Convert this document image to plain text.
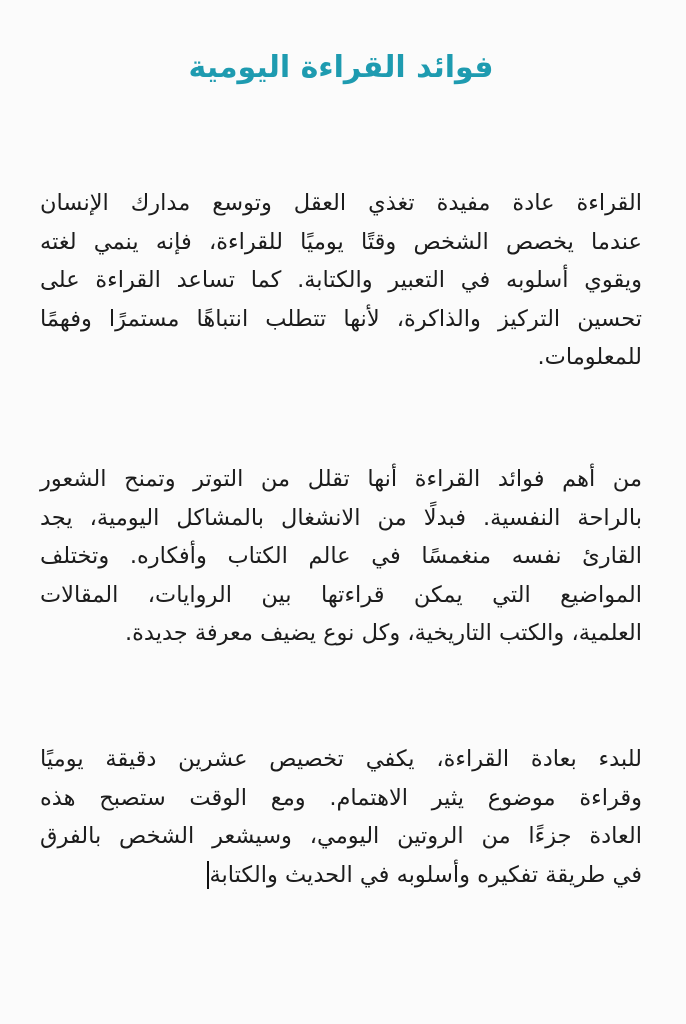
فوائد القراءة اليومية
القراءة عادة مفيدة تغذي العقل وتوسع مدارك الإنسان
عندما يخصص الشخص وقتًا يوميًا للقراءة، فإنه ينمي لغته
ويقوي أسلوبه في التعبير والكتابة. كما تساعد القراءة على
تحسين التركيز والذاكرة، لأنها تتطلب انتباهًا مستمرًا وفهمًا
للمعلومات.
من أهم فوائد القراءة أنها تقلل من التوتر وتمنح الشعور
بالراحة النفسية. فبدلًا من الانشغال بالمشاكل اليومية، يجد
القارئ نفسه منغمسًا في عالم الكتاب وأفكاره. وتختلف
المواضيع التي يمكن قراءتها بين الروايات، المقالات
العلمية، والكتب التاريخية، وكل نوع يضيف معرفة جديدة.
للبدء بعادة القراءة، يكفي تخصيص عشرين دقيقة يوميًا
وقراءة موضوع يثير الاهتمام. ومع الوقت ستصبح هذه
العادة جزءًا من الروتين اليومي، وسيشعر الشخص بالفرق
في طريقة تفكيره وأسلوبه في الحديث والكتابة
